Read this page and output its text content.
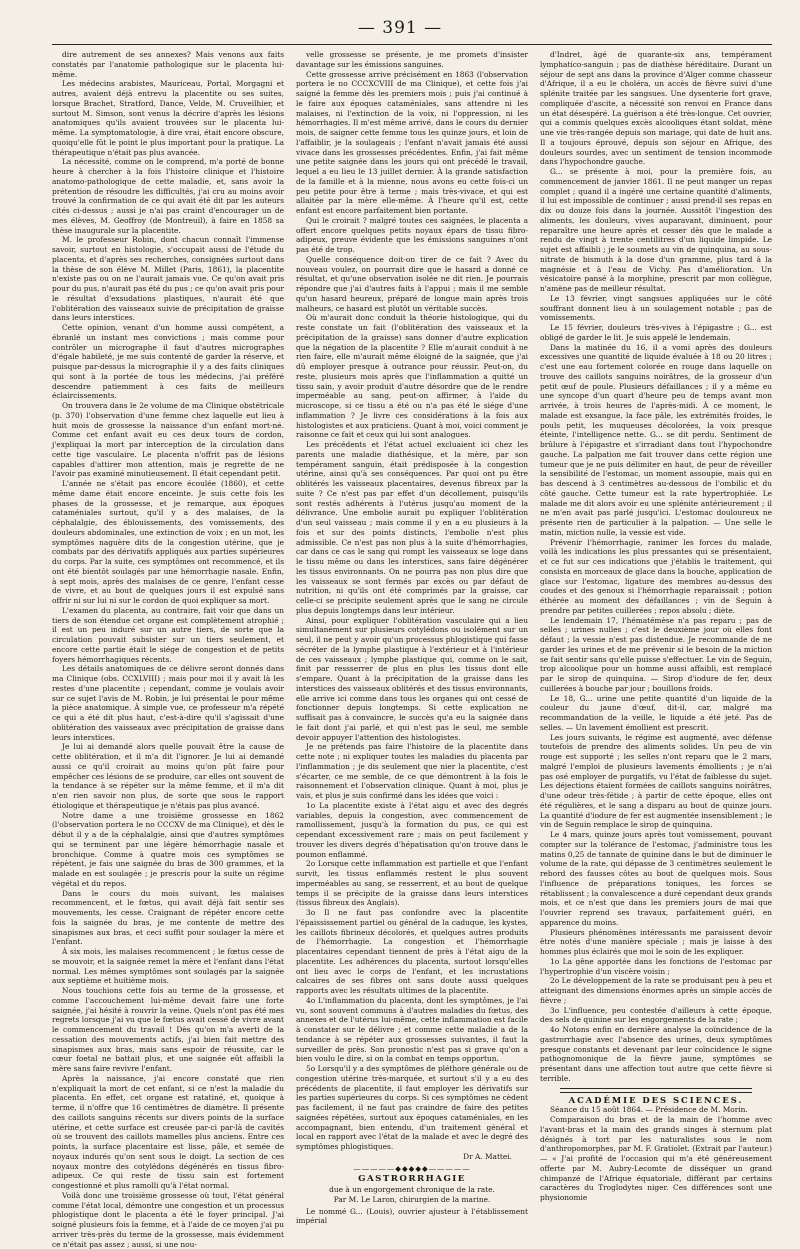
— 391 —

dire autrement de ses annexes? Mais venons aux faits constatés par l'anatomie pathologique sur le placenta lui-même.

Les médecins arabistes, Mauriceau, Portal, Morgagni et autres, avaient déjà entrevu la placentite ou ses suites, lorsque Brachet, Stratford, Dance, Velde, M. Cruveilhier, et surtout M. Simson, sont venus la décrire d'après les lésions anatomiques qu'ils avaient trouvées sur le placenta lui-même. La symptomatologie, à dire vrai, était encore obscure, quoiqu'elle fût le point le plus important pour la pratique. La thérapeutique n'était pas plus avancée.

La nécessité, comme on le comprend, m'a porté de bonne heure à chercher à la fois l'histoire clinique et l'histoire anatomo-pathologique de cette maladie, et, sans avoir la prétention de résoudre les difficultés, j'ai cru au moins avoir trouvé la confirmation de ce qui avait été dit par les auteurs cités ci-dessus ; aussi je n'ai pas craint d'encourager un de mes élèves, M. Geoffroy (de Montreuil), à faire en 1858 sa thèse inaugurale sur la placentite.

M. le professeur Robin, dont chacun connaît l'immense savoir, surtout en histologie, s'occupait aussi de l'étude du placenta, et d'après ses recherches, consignées surtout dans la thèse de son élève M. Millet (Paris, 1861), la placentite n'existe pas ou on ne l'aurait jamais vue. Ce qu'on avait pris pour du pus, n'aurait pas été du pus ; ce qu'on avait pris pour le résultat d'exsudations plastiques, n'aurait été que l'oblitération des vaisseaux suivie de précipitation de graisse dans leurs interstices.

Cette opinion, venant d'un homme aussi compétent, a ébranlé un instant mes convictions ; mais comme pour contrôler un micrographe il faut d'autres micrographes d'égale habileté, je me suis contenté de garder la réserve, et puisque par-dessus la micrographie il y a des faits cliniques qui sont à la portée de tous les médecins, j'ai préféré descendre patiemment à ces faits de meilleurs éclaircissements.

On trouvera dans le 2e volume de ma Clinique obstétricale (p. 370) l'observation d'une femme chez laquelle eut lieu à huit mois de grossesse la naissance d'un enfant mort-né. Comme cet enfant avait eu ces deux tours de cordon, j'expliquai la mort par interception de la circulation dans cette tige vasculaire. Le placenta n'offrit pas de lésions capables d'attirer mon attention, mais je regrette de ne l'avoir pas examiné minutieusement. Il était cependant petit.

L'année ne s'était pas encore écoulée (1860), et cette même dame était encore enceinte. Je suis cette fois les phases de la grossesse, et je remarque, aux époques cataméniales surtout, qu'il y a des malaises, de la céphalalgie, des éblouissements, des vomissements, des douleurs abdominales, une extinction de voix ; en un mot, les symptômes naguère dits de la congestion utérine, que je combats par des dérivatifs appliqués aux parties supérieures du corps. Par la suite, ces symptômes ont recommencé, et ils ont été bientôt soulagés par une hémorrhagie nasale. Enfin, à sept mois, après des malaises de ce genre, l'enfant cesse de vivre, et au bout de quelques jours il est expulsé sans offrir ni sur lui ni sur le cordon de quoi expliquer sa mort.

L'examen du placenta, au contraire, fait voir que dans un tiers de son étendue cet organe est complètement atrophié ; il est un peu induré sur un autre tiers, de sorte que la circulation pouvait subsister sur un tiers seulement, et encore cette partie était le siége de congestion et de petits foyers hémorrhagiques récents.

Les détails anatomiques de ce délivre seront donnés dans ma Clinique (obs. CCXLVIII) ; mais pour moi il y avait là les restes d'une placentite ; cependant, comme je voulais avoir sur ce sujet l'avis de M. Robin, je lui présentai le pour même la pièce anatomique. À simple vue, ce professeur m'a répété ce qui a été dit plus haut, c'est-à-dire qu'il s'agissait d'une oblitération des vaisseaux avec précipitation de graisse dans leurs interstices.

Je lui ai demandé alors quelle pouvait être la cause de cette oblitération, et il m'a dit l'ignorer. Je lui ai demandé aussi ce qu'il croirait au moins qu'on pût faire pour empêcher ces lésions de se produire, car elles ont souvent de la tendance à se répéter sur la même femme, et il m'a dit n'en rien savoir non plus, de sorte que sous le rapport étiologique et thérapeutique je n'étais pas plus avancé.

Notre dame a une troisième grossesse en 1862 (l'observation portera le no CCCXV de ma Clinique), et dès le début il y a de la céphalalgie, ainsi que d'autres symptômes qui se terminent par une légère hémorrhagie nasale et bronchique. Comme à quatre mois ces symptômes se répètent, je fais une saignée du bras de 300 grammes, et la malade en est soulagée ; je prescris pour la suite un régime végétal et du repos.

Dans le cours du mois suivant, les malaises recommencent, et le fœtus, qui avait déjà fait sentir ses mouvements, les cesse. Craignant de répéter encore cette fois la saignée du bras, je me contente de mettre des sinapismes aux bras, et ceci suffit pour soulager la mère et l'enfant.

À six mois, les malaises recommencent ; le fœtus cesse de se mouvoir, et la saignée remet la mère et l'enfant dans l'état normal. Les mêmes symptômes sont soulagés par la saignée aux septième et huitième mois.

Nous touchions cette fois au terme de la grossesse, et comme l'accouchement lui-même devait faire une forte saignée, j'ai hésité à rouvrir la veine. Quels n'ont pas été mes regrets lorsque j'ai vu que le fœtus avait cessé de vivre avant le commencement du travail ! Dès qu'on m'a averti de la cessation des mouvements actifs, j'ai bien fait mettre des sinapismes aux bras, mais sans espoir de réussite, car le cœur foetal ne battait plus, et une saignée eût affaibli la mère sans faire revivre l'enfant.

Après la naissance, j'ai encore constaté que rien n'expliquait la mort de cet enfant, si ce n'est la maladie du placenta. En effet, cet organe est ratatiné, et, quoique à terme, il n'offre que 16 centimètres de diamètre. Il présente des caillots sanguins récents sur divers points de la surface utérine, et cette surface est creusée par-ci par-là de cavités où se trouvent des caillots mamelles plus anciens. Entre ces points, la surface placentaire est lisse, pâle, et semée de noyaux indurés qu'on sent sous le doigt. La section de ces noyaux montre des cotylédons dégénérés en tissus fibro-adipeux. Ce qui reste de tissu sain est fortement congestionné et plus ramolli qu'à l'état normal.

Voilà donc une troisième grossesse où tout, l'état général comme l'état local, démontre une congestion et un processus phlogistique dont le placenta a été le foyer principal. J'ai soigné plusieurs fois la femme, et à l'aide de ce moyen j'ai pu arriver très-près du terme de la grossesse, mais évidemment ce n'était pas assez ; aussi, si une nou-

velle grossesse se présente, je me promets d'insister davantage sur les émissions sanguines.

Cette grossesse arrive précisément en 1863 (l'observation portera le no CCCXCVIII de ma Clinique), et cette fois j'ai saigné la femme dès les premiers mois ; puis j'ai continué à le faire aux époques cataméniales, sans attendre ni les malaises, ni l'extinction de la voix, ni l'oppression, ni les hémorrhagies. Il m'est même arrivé, dans le cours du dernier mois, de saigner cette femme tous les quinze jours, et loin de l'affaiblir, je la soulageais ; l'enfant n'avait jamais été aussi vivace dans les grossesses précédentes. Enfin, j'ai fait même une petite saignée dans les jours qui ont précédé le travail, lequel a eu lieu le 13 juillet dernier. À la grande satisfaction de la famille et à la mienne, nous avons eu cette fois-ci un peu petite pour être à terme ; mais très-vivace, et qui est allaitée par la mère elle-même. À l'heure qu'il est, cette enfant est encore parfaitement bien portante.

Qui le croirait ? malgré toutes ces saignées, le placenta a offert encore quelques petits noyaux épars de tissu fibro-adipeux, preuve évidente que les émissions sanguines n'ont pas été de trop.

Quelle conséquence doit-on tirer de ce fait ? Avec du nouveau voulez, on pourrait dire que le hasard a donné ce résultat, et qu'une observation isolée ne dit rien. Je pourrais répondre que j'ai d'autres faits à l'appui ; mais il me semble qu'un hasard heureux, préparé de longue main après trois malheurs, ce hasard est plutôt un véritable succès.

Où m'aurait donc conduit la théorie histologique, qui du reste constate un fait (l'oblitération des vaisseaux et la précipitation de la graisse) sans donner d'autre explication que la négation de la placentite ? Elle m'aurait conduit à ne rien faire, elle m'aurait même éloigné de la saignée, que j'ai dû employer presque à outrance pour réussir. Peut-on, du reste, plusieurs mois après que l'inflammation a quitté un tissu sain, y avoir produit d'autre désordre que de le rendre imperméable au sang, peut-on affirmer, à l'aide du microscope, si ce tissu a été ou n'a pas été le siége d'une inflammation ? Je livre ces considérations à la fois aux histologistes et aux praticiens. Quant à moi, voici comment je raisonne ce fait et ceux qui lui sont analogues.

Les précédents et l'état actuel excluaient ici chez les parents une maladie diathésique, et la mère, par son tempérament sanguin, était prédisposée à la congestion utérine, ainsi qu'à ses conséquences. Par quoi ont pu être oblitérés les vaisseaux placentaires, devenus fibreux par la suite ? Ce n'est pas par effet d'un décollement, puisqu'ils sont restés adhérents à l'utérus jusqu'au moment de la délivrance. Une embolie aurait pu expliquer l'oblitération d'un seul vaisseau ; mais comme il y en a eu plusieurs à la fois et sur des points distincts, l'embolie n'est plus admissible. Ce n'est pas non plus à la suite d'hémorrhagies, car dans ce cas le sang qui rompt les vaisseaux se loge dans le tissu même ou dans les interstices, sans faire dégénérer les tissus environnants. On ne pourra pas non plus dire que les vaisseaux se sont fermés par excès ou par défaut de nutrition, ni qu'ils ont été comprimés par la graisse, car celle-ci se précipite seulement après que le sang ne circule plus depuis longtemps dans leur intérieur.

Ainsi, pour expliquer l'oblitération vasculaire qui a lieu simultanément sur plusieurs cotylédons ou isolément sur un seul, il ne peut y avoir qu'un processus phlogistique qui fasse sécréter de la lymphe plastique à l'extérieur et à l'intérieur de ces vaisseaux ; lymphe plastique qui, comme on le sait, finit par ressserrer de plus en plus les tissus dont elle s'empare. Quant à la précipitation de la graisse dans les interstices des vaisseaux oblitérés et des tissus environnants, elle arrive ici comme dans tous les organes qui ont cessé de fonctionner depuis longtemps. Si cette explication ne suffisait pas à convaincre, le succès qu'a eu la saignée dans le fait dont j'ai parlé, et qui n'est pas le seul, me semble devoir appuyer l'attention des histologistes.

Je ne prétends pas faire l'histoire de la placentite dans cette note ; ni expliquer toutes les maladies du placenta par l'inflammation ; je dis seulement que nier la placentite, c'est s'écarter, ce me semble, de ce que démontrent à la fois le raisonnement et l'observation clinique. Quant à moi, plus je vais, et plus je suis confirmé dans les idées que voici :

1o La placentite existe à l'état aigu et avec des degrés variables, depuis la congestion, avec commencement de ramollissement, jusqu'à la formation du pus, ce qui est cependant excessivement rare ; mais on peut facilement y trouver les divers degrés d'hépatisation qu'on trouve dans le poumon enflammé.

2o Lorsque cette inflammation est partielle et que l'enfant survit, les tissus enflammés restent le plus souvent imperméables au sang, se resserrent, et au bout de quelque temps il se précipite de la graisse dans leurs interstices (tissus fibreux des Anglais).

3o Il ne faut pas confondre avec la placentite l'épaississement partiel ou général de la caduque, les kystes, les caillots fibrineux décolorés, et quelques autres produits de l'hémorrhagie. La congestion et l'hémorrhagie placentaires cependant tiennent de près à l'état aigu de la placentite. Les adhérences du placenta, surtout lorsqu'elles ont lieu avec le corps de l'enfant, et les incrustations calcaires de ses fibres ont sans doute aussi quelques rapports avec les résultats ultimes de la placentite.

4o L'inflammation du placenta, dont les symptômes, je l'ai vu, sont souvent communs à d'autres maladies du fœtus, des annexes et de l'utérus lui-même, cette inflammation est facile à constater sur le délivre ; et comme cette maladie a de la tendance à se répéter aux grossesses suivantes, il faut la surveiller de près. Son pronostic n'est pas si grave qu'on a bien voulu le dire, si on la combat en temps opportun.

5o Lorsqu'il y a des symptômes de pléthore générale ou de congestion utérine très-marquée, et surtout s'il y a eu des précédents de placentite, il faut employer les dérivatifs sur les parties supérieures du corps. Si ces symptômes ne cèdent pas facilement, il ne faut pas craindre de faire des petites saignées répétées, surtout aux époques cataméniales, en les accompagnant, bien entendu, d'un traitement général et local en rapport avec l'état de la malade et avec le degré des symptômes phlogistiques.

Dr A. Mattei.

—————◆◆◆◆◆—————

GASTRORRHAGIE

due à un engorgement chronique de la rate.

Par M. Le Laron, chirurgien de la marine.

Le nommé G... (Louis), ouvrier ajusteur à l'établissement impérial

d'Indret, âgé de quarante-six ans, tempérament lymphatico-sanguin ; pas de diathèse héréditaire. Durant un séjour de sept ans dans la province d'Alger comme chasseur d'Afrique, il a eu le choléra, un accès de fièvre suivi d'une splénite traitée par les sangsues. Une dysenterie fort grave, compliquée d'ascite, a nécessité son renvoi en France dans un état désespéré. La guérison a été très-longue. Cet ouvrier, qui a commis quelques excès alcooliques étant soldat, mène une vie très-rangée depuis son mariage, qui date de huit ans. Il a toujours éprouvé, depuis son séjour en Afrique, des douleurs sourdes, avec un sentiment de tension incommode dans l'hypochondre gauche.

G... se présente à moi, pour la première fois, au commencement de janvier 1861. Il ne peut manger un repas complet ; quand il a ingéré une certaine quantité d'aliments, il lui est impossible de continuer ; aussi prend-il ses repas en dix ou douze fois dans la journée. Aussitôt l'ingestion des aliments, les douleurs, vives auparavant, diminuent, pour reparaître une heure après et cesser dès que le malade a rendu de vingt à trente centilitres d'un liquide limpide. Le sujet est affaibli ; je le soumets au vin de quinquina, au sous-nitrate de bismuth à la dose d'un gramme, plus tard à la magnésie et à l'eau de Vichy. Pas d'amélioration. Un vésicatoire pansé à la morphine, prescrit par mon collègue, n'amène pas de meilleur résultat.

Le 13 février, vingt sangsues appliquées sur le côté souffrant donnent lieu à un soulagement notable ; pas de vomissements.

Le 15 février, douleurs très-vives à l'épigastre ; G... est obligé de garder le lit. Je suis appelé le lendemain.

Dans la matinée du 16, il a vomi après des douleurs excessives une quantité de liquide évaluée à 18 ou 20 litres ; c'est une eau fortement colorée en rouge dans laquelle on trouve des caillots sanguins noirâtres, de la grosseur d'un petit œuf de poule. Plusieurs défaillances ; il y a même eu une syncope d'un quart d'heure peu de temps avant mon arrivée, à trois heures de l'après-midi. À ce moment, le malade est exsangue, la face pâle, les extrémités froides, le pouls petit, les muqueuses décolorées, la voix presque éteinte, l'intelligence nette. G... se dit perdu. Sentiment de brûlure à l'épigastre et s'irradiant dans tout l'hypochondre gauche. La palpation me fait trouver dans cette région une tumeur que je ne puis délimiter en haut, de peur de réveiller la sensibilité de l'estomac, un moment assoupie, mais qui en bas descend à 3 centimètres au-dessous de l'ombilic et du côté gauche. Cette tumeur est la rate hypertrophiée. Le malade me dit alors avoir eu une splénite antérieurement ; il ne m'en avait pas parlé jusqu'ici. L'estomac douloureux ne présente rien de particulier à la palpation. — Une selle le matin, miction nulle, la vessie est vide.

Prévenir l'hémorrhagie, ranimer les forces du malade, voilà les indications les plus pressantes qui se présentaient, et ce fut sur ces indications que j'établis le traitement, qui consista en morceaux de glace dans la bouche, application de glace sur l'estomac, ligature des membres au-dessus des coudes et des genoux si l'hémorrhagie reparaissait ; potion éthérée au moment des défaillances ; vin de Seguin à prendre par petites cuillerées ; repos absolu ; diète.

Le lendemain 17, l'hématémèse n'a pas reparu ; pas de selles ; urines nulles ; c'est le deuxième jour où elles font défaut ; la vessie n'est pas distendue. Je recommande de ne garder les urines et de me prévenir si le besoin de la miction se fait sentir sans qu'elle puisse s'effectuer. Le vin de Seguin, trop alcoolique pour un homme aussi affaibli, est remplacé par le sirop de quinquina. — Sirop d'iodure de fer, deux cuillerées à bouche par jour ; bouillons froids.

Le 18, G... urine une petite quantité d'un liquide de la couleur du jaune d'œuf, dit-il, car, malgré ma recommandation de la veille, le liquide a été jeté. Pas de selles. — Un lavement émollient est prescrit.

Les jours suivants, le régime est augmenté, avec défense toutefois de prendre des aliments solides. Un peu de vin rouge est supporté ; les selles n'ont reparu que le 2 mars, malgré l'emploi de plusieurs lavements émollients ; je n'ai pas osé employer de purgatifs, vu l'état de faiblesse du sujet. Les déjections étaient formées de caillots sanguins noirâtres, d'une odeur très-fétide ; à partir de cette époque, elles ont été régulières, et le sang a disparu au bout de quinze jours. La quantité d'iodure de fer est augmentée insensiblement ; le vin de Seguin remplace le sirop de quinquina.

Le 4 mars, quinze jours après tout vomissement, pouvant compter sur la tolérance de l'estomac, j'administre tous les matins 0,25 de tannate de quinine dans le but de diminuer le volume de la rate, qui dépasse de 3 centimètres seulement le rebord des fausses côtes au bout de quelques mois. Sous l'influence de préparations toniques, les forces se rétablissent ; la convalescence a duré cependant deux grands mois, et ce n'est que dans les premiers jours de mai que l'ouvrier reprend ses travaux, parfaitement guéri, en apparence du moins.

Plusieurs phénomènes intéressants me paraissent devoir être notés d'une manière spéciale ; mais je laisse à des hommes plus éclairés que moi le soin de les expliquer.

1o La gêne apportée dans les fonctions de l'estomac par l'hypertrophie d'un viscère voisin ;

2o Le développement de la rate se produisant peu à peu et atteignant des dimensions énormes après un simple accès de fièvre ;

3o L'influence, peu contestée d'ailleurs à cette époque, des sels de quinine sur les engorgements de la rate ;

4o Notons enfin en dernière analyse la coïncidence de la gastrorrhagie avec l'absence des urines, deux symptômes presque constants et devenant par leur coïncidence le signe pathognomonique de la fièvre jaune, symptômes se présentant dans une affection tout autre que cette fièvre si terrible.

ACADÉMIE DES SCIENCES.

Séance du 15 août 1864. — Présidence de M. Morin.

Comparaison du bras et de la main de l'homme avec l'avant-bras et la main des grands singes à sternum plat désignés à tort par les naturalistes sous le nom d'anthropomorphes, par M. F. Gratiolet. (Extrait par l'auteur.) — « J'ai profité de l'occasion qui m'a été généreusement offerte par M. Aubry-Lecomte de disséquer un grand chimpanzé de l'Afrique équatoriale, différant par certains caractères du Troglodytes niger. Ces différences sont une physionomie
